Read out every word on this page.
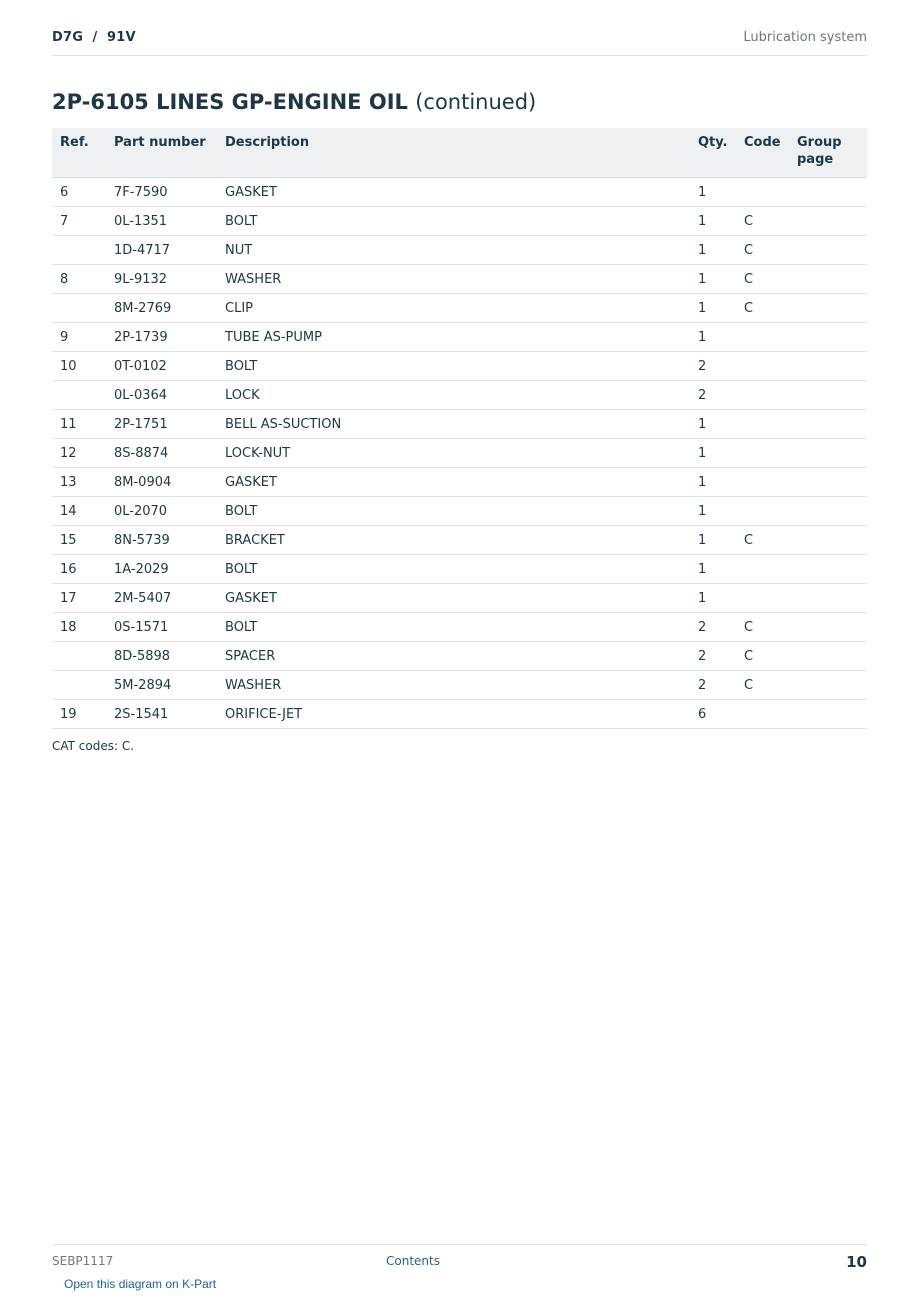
D7G  /  91V	Lubrication system
2P-6105 LINES GP-ENGINE OIL (continued)
Ref.	Part number	Description	Qty.	Code	Group page
6	7F-7590	GASKET	1		
7	0L-1351	BOLT	1	C	
	1D-4717	NUT	1	C	
8	9L-9132	WASHER	1	C	
	8M-2769	CLIP	1	C	
9	2P-1739	TUBE AS-PUMP	1		
10	0T-0102	BOLT	2		
	0L-0364	LOCK	2		
11	2P-1751	BELL AS-SUCTION	1		
12	8S-8874	LOCK-NUT	1		
13	8M-0904	GASKET	1		
14	0L-2070	BOLT	1		
15	8N-5739	BRACKET	1	C	
16	1A-2029	BOLT	1		
17	2M-5407	GASKET	1		
18	0S-1571	BOLT	2	C	
	8D-5898	SPACER	2	C	
	5M-2894	WASHER	2	C	
19	2S-1541	ORIFICE-JET	6		
CAT codes: C.
SEBP1117	Contents	10
Open this diagram on K-Part
